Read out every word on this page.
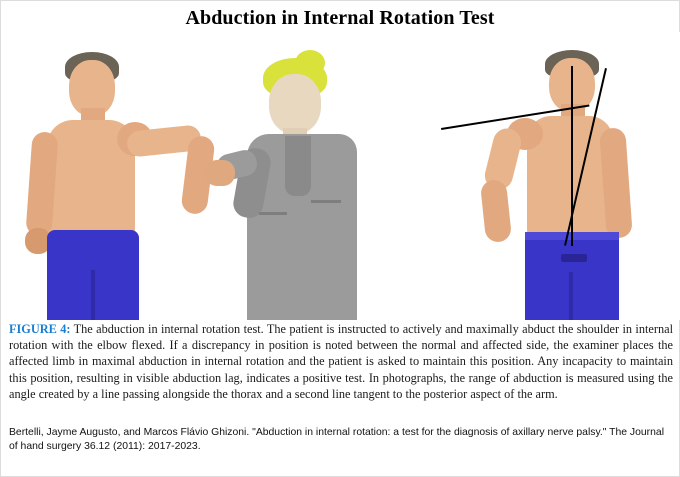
Abduction in Internal Rotation Test

FIGURE 4: The abduction in internal rotation test. The patient is instructed to actively and maximally abduct the shoulder in internal rotation with the elbow flexed. If a discrepancy in position is noted between the normal and affected side, the examiner places the affected limb in maximal abduction in internal rotation and the patient is asked to maintain this position. Any incapacity to maintain this position, resulting in visible abduction lag, indicates a positive test. In photographs, the range of abduction is measured using the angle created by a line passing alongside the thorax and a second line tangent to the posterior aspect of the arm.

Bertelli, Jayme Augusto, and Marcos Flávio Ghizoni. "Abduction in internal rotation: a test for the diagnosis of axillary nerve palsy." The Journal of hand surgery 36.12 (2011): 2017-2023.
